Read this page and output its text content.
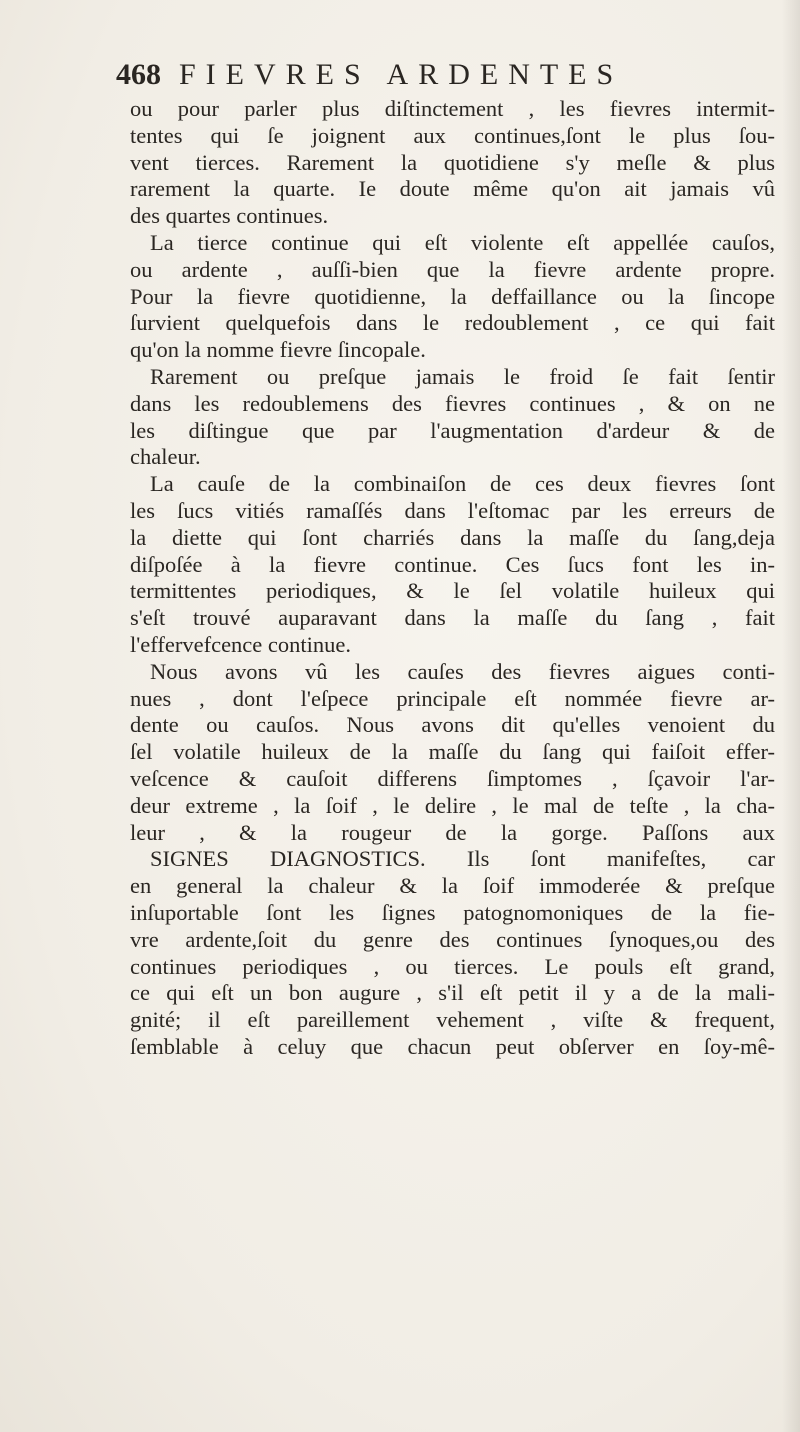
468 FIEVRES ARDENTES
ou pour parler plus diſtinctement , les fievres intermit-
tentes qui ſe joignent aux continues,ſont le plus ſou-
vent tierces. Rarement la quotidiene s'y meſle & plus
rarement la quarte. Ie doute même qu'on ait jamais vû
des quartes continues.
La tierce continue qui eſt violente eſt appellée cauſos,
ou ardente , auſſi-bien que la fievre ardente propre.
Pour la fievre quotidienne, la deffaillance ou la ſincope
ſurvient quelquefois dans le redoublement , ce qui fait
qu'on la nomme fievre ſincopale.
Rarement ou preſque jamais le froid ſe fait ſentir
dans les redoublemens des fievres continues , & on ne
les diſtingue que par l'augmentation d'ardeur & de
chaleur.
La cauſe de la combinaiſon de ces deux fievres ſont
les ſucs vitiés ramaſſés dans l'eſtomac par les erreurs de
la diette qui ſont charriés dans la maſſe du ſang,deja
diſpoſée à la fievre continue. Ces ſucs font les in-
termittentes periodiques, & le ſel volatile huileux qui
s'eſt trouvé auparavant dans la maſſe du ſang , fait
l'effervefcence continue.
Nous avons vû les cauſes des fievres aigues conti-
nues , dont l'eſpece principale eſt nommée fievre ar-
dente ou cauſos. Nous avons dit qu'elles venoient du
ſel volatile huileux de la maſſe du ſang qui faiſoit effer-
veſcence & cauſoit differens ſimptomes , ſçavoir l'ar-
deur extreme , la ſoif , le delire , le mal de teſte , la cha-
leur , & la rougeur de la gorge. Paſſons aux
SIGNES DIAGNOSTICS. Ils ſont manifeſtes, car
en general la chaleur & la ſoif immoderée & preſque
inſuportable ſont les ſignes patognomoniques de la fie-
vre ardente,ſoit du genre des continues ſynoques,ou des
continues periodiques , ou tierces. Le pouls eſt grand,
ce qui eſt un bon augure , s'il eſt petit il y a de la mali-
gnité; il eſt pareillement vehement , viſte & frequent,
ſemblable à celuy que chacun peut obſerver en ſoy-mê-
